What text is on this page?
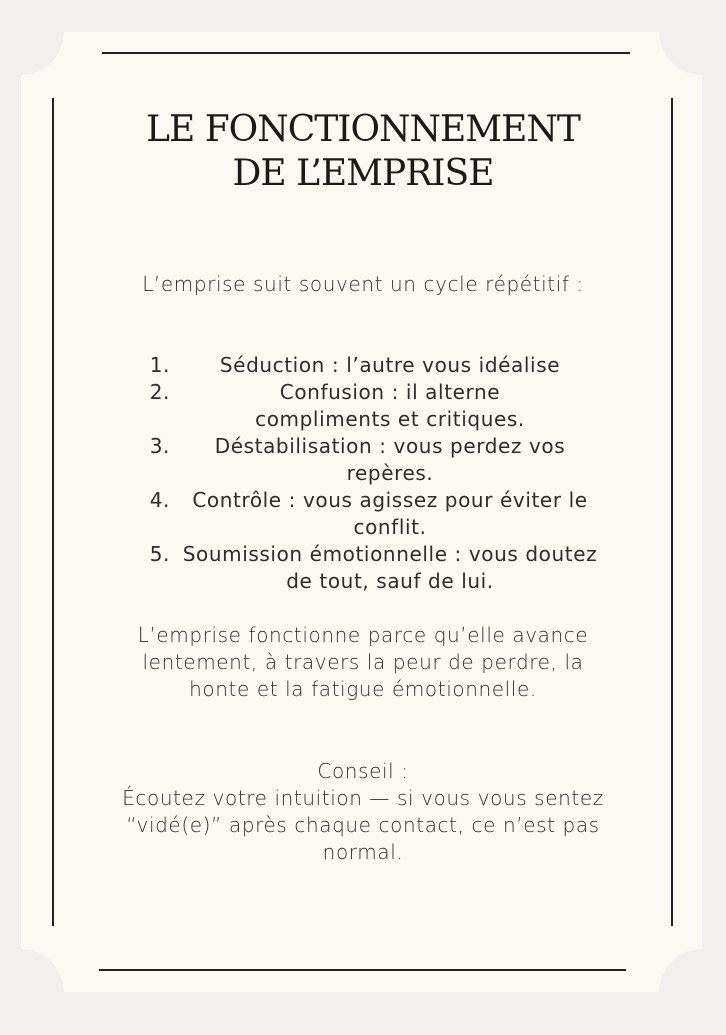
LE FONCTIONNEMENT
DE L’EMPRISE
L’emprise suit souvent un cycle répétitif :
1.	Séduction : l’autre vous idéalise
2.	Confusion : il alterne compliments et critiques.
3.	Déstabilisation : vous perdez vos repères.
4.	Contrôle : vous agissez pour éviter le conflit.
5. Soumission émotionnelle : vous doutez de tout, sauf de lui.
L’emprise fonctionne parce qu’elle avance lentement, à travers la peur de perdre, la honte et la fatigue émotionnelle.
Conseil :
Écoutez votre intuition — si vous vous sentez “vidé(e)” après chaque contact, ce n’est pas normal.
